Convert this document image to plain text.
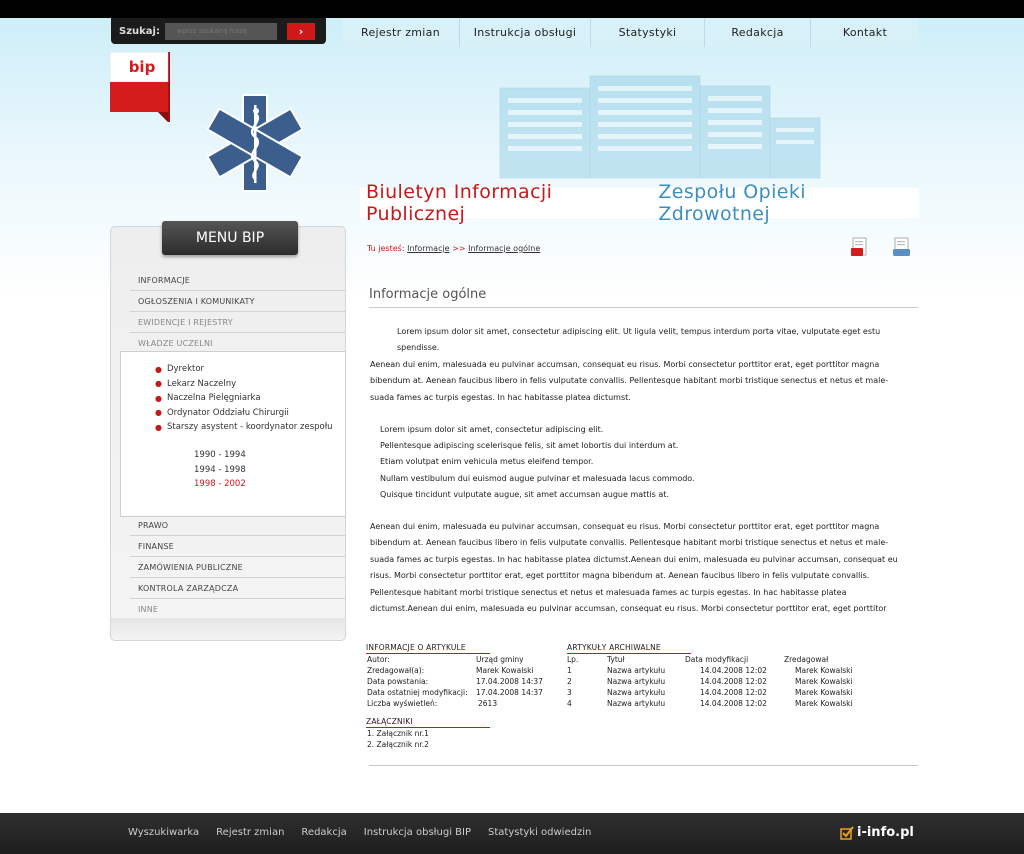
Szukaj:
wpisz szukaną frazę	›	Rejestr zmian	Instrukcja obsługi	Statystyki	Redakcja	Kontakt
bip
Biuletyn Informacji Publicznej
Zespołu Opieki Zdrowotnej
MENU BIP
INFORMACJE
OGŁOSZENIA I KOMUNIKATY
EWIDENCJE I REJESTRY
WŁADZE UCZELNI
● Dyrektor
● Lekarz Naczelny
● Naczelna Pielęgniarka
● Ordynator Oddziału Chirurgii
● Starszy asystent - koordynator zespołu
1990 - 1994
1994 - 1998
1998 - 2002
PRAWO
FINANSE
ZAMÓWIENIA PUBLICZNE
KONTROLA ZARZĄDCZA
INNE
Tu jesteś: Informacje >> Informacje ogólne
Informacje ogólne
Lorem ipsum dolor sit amet, consectetur adipiscing elit. Ut ligula velit, tempus interdum porta vitae, vulputate eget estu spendisse.
Aenean dui enim, malesuada eu pulvinar accumsan, consequat eu risus. Morbi consectetur porttitor erat, eget porttitor magna bibendum at. Aenean faucibus libero in felis vulputate convallis. Pellentesque habitant morbi tristique senectus et netus et male-suada fames ac turpis egestas. In hac habitasse platea dictumst.
Lorem ipsum dolor sit amet, consectetur adipiscing elit.
Pellentesque adipiscing scelerisque felis, sit amet lobortis dui interdum at.
Etiam volutpat enim vehicula metus eleifend tempor.
Nullam vestibulum dui euismod augue pulvinar et malesuada lacus commodo.
Quisque tincidunt vulputate augue, sit amet accumsan augue mattis at.
Aenean dui enim, malesuada eu pulvinar accumsan, consequat eu risus. Morbi consectetur porttitor erat, eget porttitor magna bibendum at. Aenean faucibus libero in felis vulputate convallis. Pellentesque habitant morbi tristique senectus et netus et male-suada fames ac turpis egestas. In hac habitasse platea dictumst.Aenean dui enim, malesuada eu pulvinar accumsan, consequat eu risus. Morbi consectetur porttitor erat, eget porttitor magna bibendum at. Aenean faucibus libero in felis vulputate convallis. Pellentesque habitant morbi tristique senectus et netus et malesuada fames ac turpis egestas. In hac habitasse platea dictumst.Aenean dui enim, malesuada eu pulvinar accumsan, consequat eu risus. Morbi consectetur porttitor erat, eget porttitor
INFORMACJE O ARTYKULE
Autor:	Urząd gminy
Zredagował(a):	Marek Kowalski
Data powstania:	17.04.2008 14:37
Data ostatniej modyfikacji: 17.04.2008 14:37
Liczba wyświetleń:	2613
ZAŁĄCZNIKI
1. Załącznik nr.1
2. Załącznik nr.2
ARTYKUŁY ARCHIWALNE
Lp.	Tytuł	Data modyfikacji	Zredagował
1	Nazwa artykułu	14.04.2008 12:02	Marek Kowalski
2	Nazwa artykułu	14.04.2008 12:02	Marek Kowalski
3	Nazwa artykułu	14.04.2008 12:02	Marek Kowalski
4	Nazwa artykułu	14.04.2008 12:02	Marek Kowalski
Wyszukiwarka Rejestr zmian Redakcja Instrukcja obsługi BIP Statystyki odwiedzin	i-info.pl
